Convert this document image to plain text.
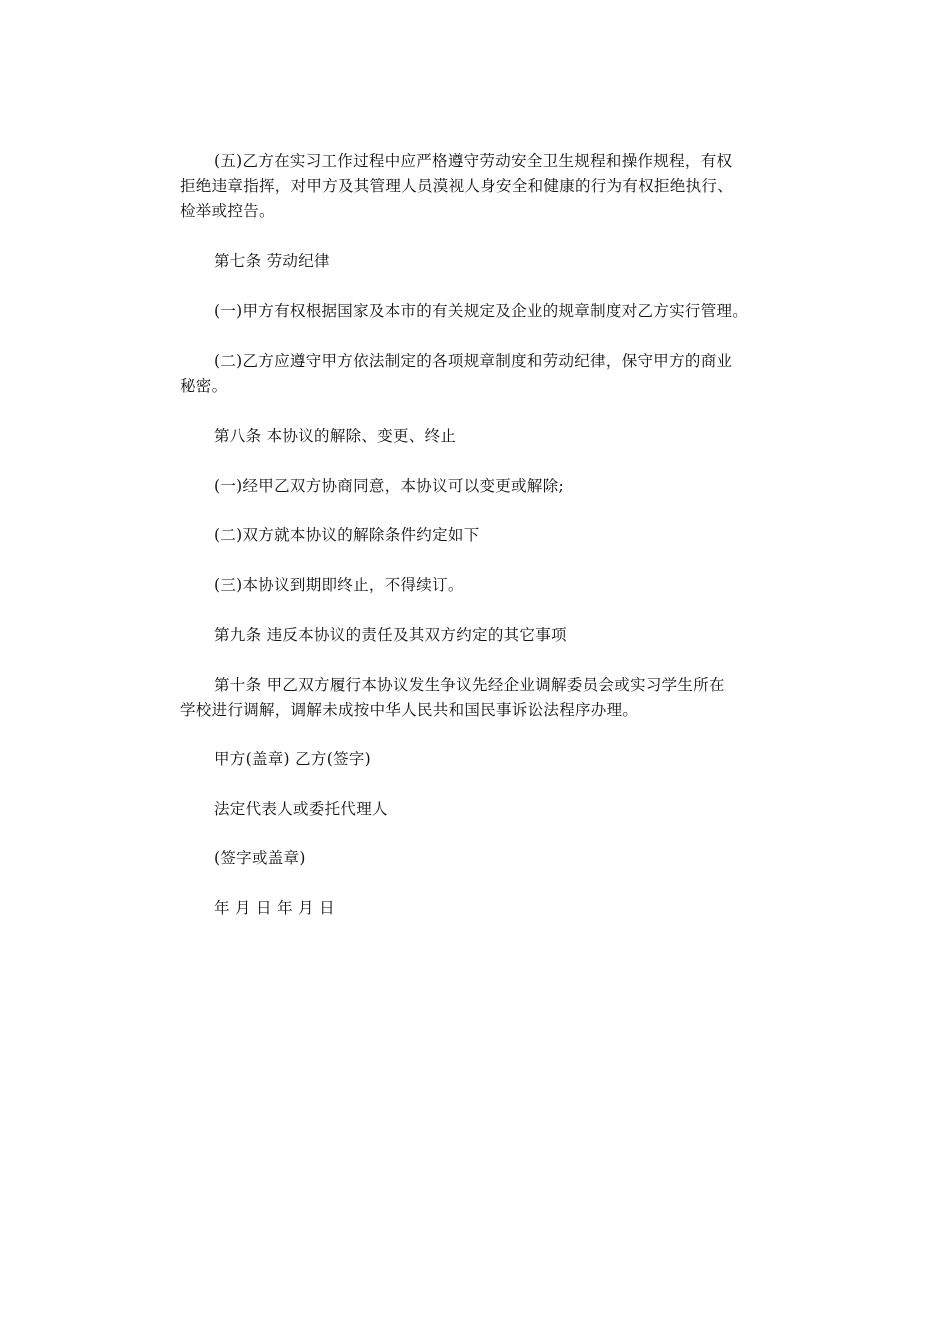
(五)乙方在实习工作过程中应严格遵守劳动安全卫生规程和操作规程，有权
拒绝违章指挥，对甲方及其管理人员漠视人身安全和健康的行为有权拒绝执行、
检举或控告。

第七条 劳动纪律

(一)甲方有权根据国家及本市的有关规定及企业的规章制度对乙方实行管理。

(二)乙方应遵守甲方依法制定的各项规章制度和劳动纪律，保守甲方的商业
秘密。

第八条 本协议的解除、变更、终止

(一)经甲乙双方协商同意，本协议可以变更或解除;

(二)双方就本协议的解除条件约定如下

(三)本协议到期即终止，不得续订。

第九条 违反本协议的责任及其双方约定的其它事项

第十条 甲乙双方履行本协议发生争议先经企业调解委员会或实习学生所在
学校进行调解，调解未成按中华人民共和国民事诉讼法程序办理。

甲方(盖章) 乙方(签字)

法定代表人或委托代理人

(签字或盖章)

年 月 日 年 月 日
